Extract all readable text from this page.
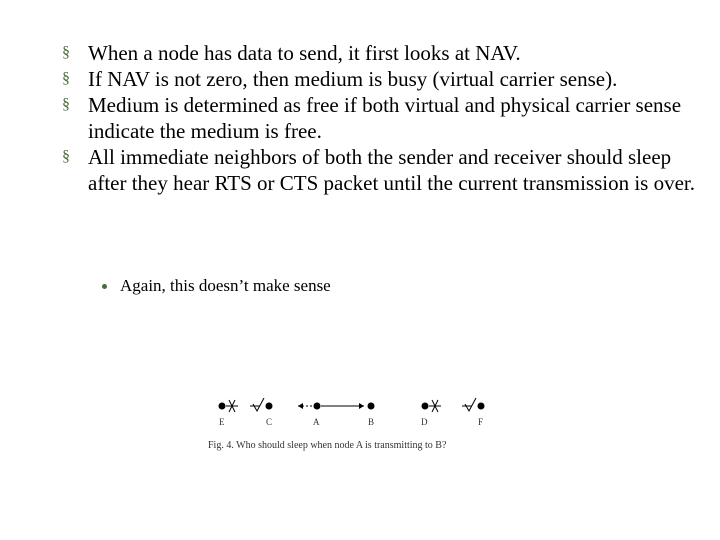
§ When a node has data to send, it first looks at NAV.
§ If NAV is not zero, then medium is busy (virtual carrier sense).
§ Medium is determined as free if both virtual and physical carrier sense indicate the medium is free.
§ All immediate neighbors of both the sender and receiver should sleep after they hear RTS or CTS packet until the current transmission is over.
Again, this doesn’t make sense
E	C	A	B	D	F
Fig. 4. Who should sleep when node A is transmitting to B?
